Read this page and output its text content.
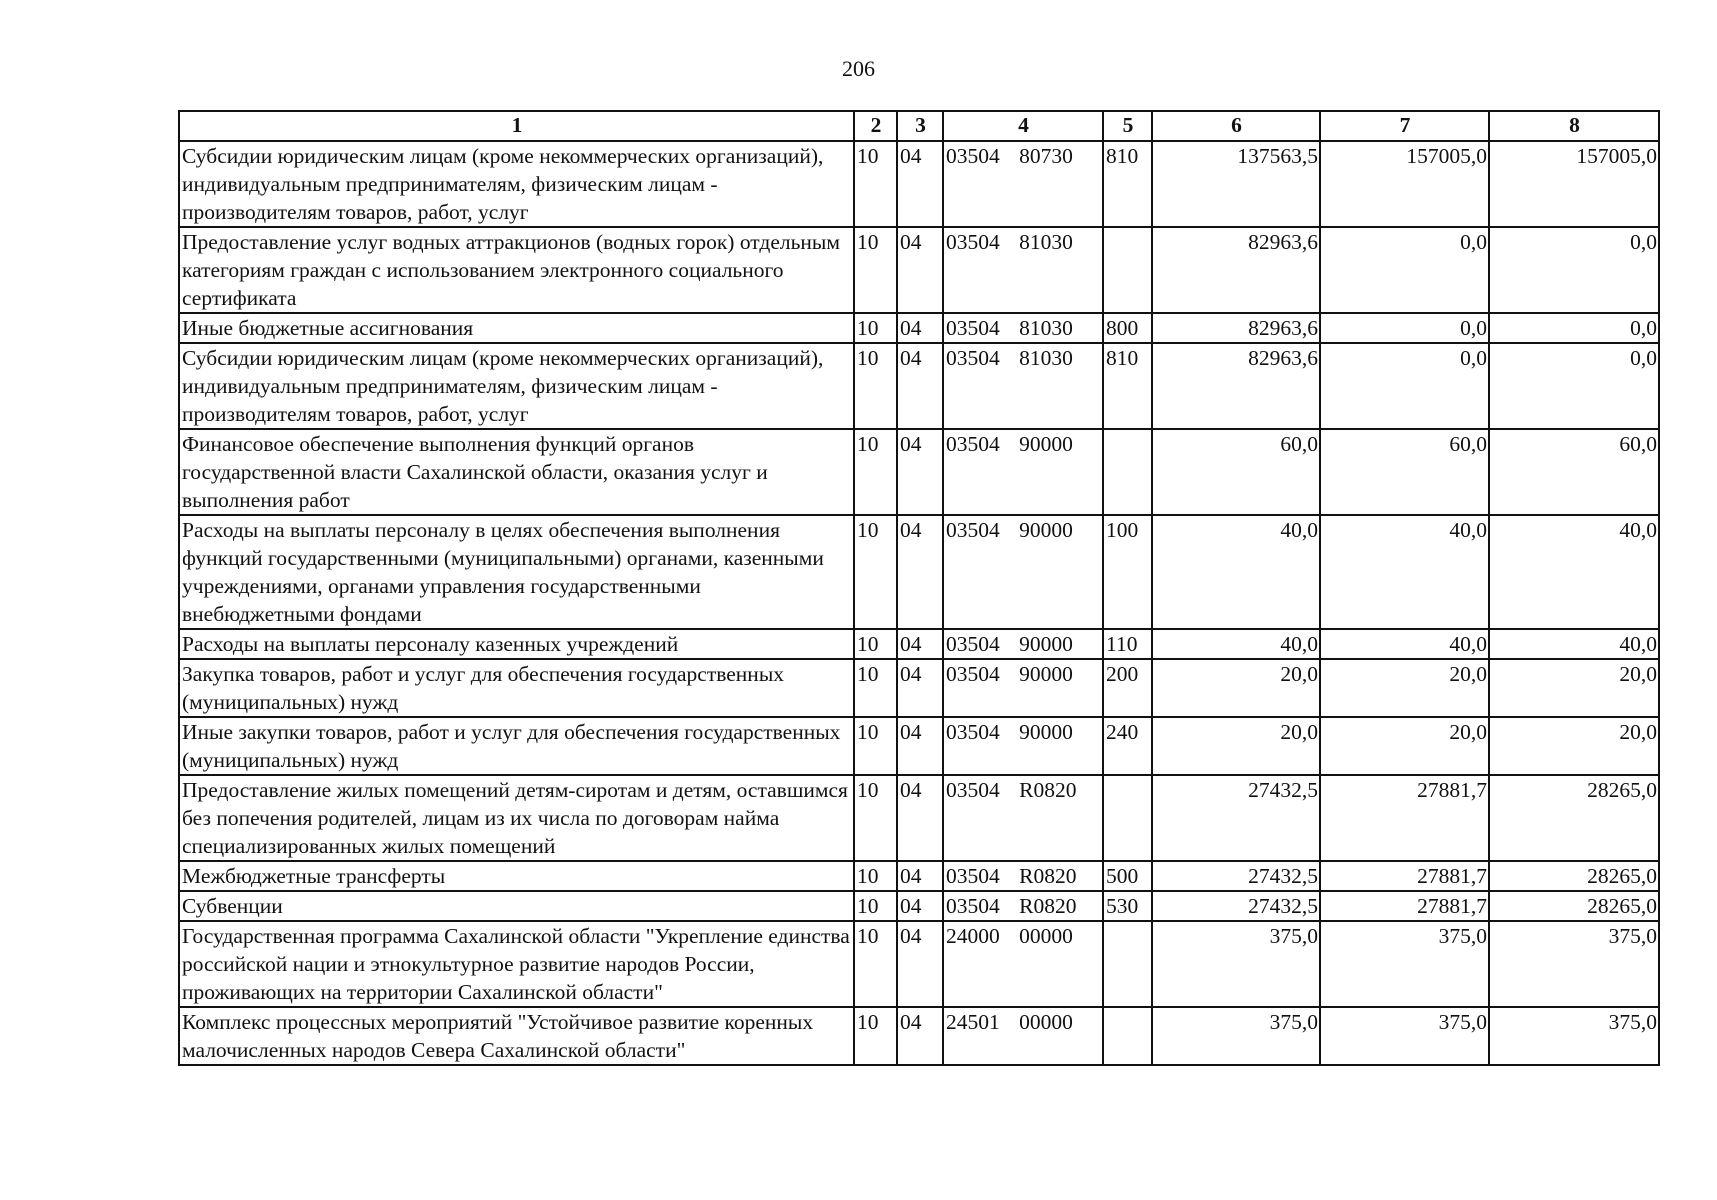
206
1	2	3	4	5	6	7	8
Субсидии юридическим лицам (кроме некоммерческих организаций), индивидуальным предпринимателям, физическим лицам - производителям товаров, работ, услуг	10	04	03504 80730	810	137563,5	157005,0	157005,0
Предоставление услуг водных аттракционов (водных горок) отдельным категориям граждан с использованием электронного социального сертификата	10	04	03504 81030		82963,6	0,0	0,0
Иные бюджетные ассигнования	10	04	03504 81030	800	82963,6	0,0	0,0
Субсидии юридическим лицам (кроме некоммерческих организаций), индивидуальным предпринимателям, физическим лицам - производителям товаров, работ, услуг	10	04	03504 81030	810	82963,6	0,0	0,0
Финансовое обеспечение выполнения функций органов государственной власти Сахалинской области, оказания услуг и выполнения работ	10	04	03504 90000		60,0	60,0	60,0
Расходы на выплаты персоналу в целях обеспечения выполнения функций государственными (муниципальными) органами, казенными учреждениями, органами управления государственными внебюджетными фондами	10	04	03504 90000	100	40,0	40,0	40,0
Расходы на выплаты персоналу казенных учреждений	10	04	03504 90000	110	40,0	40,0	40,0
Закупка товаров, работ и услуг для обеспечения государственных (муниципальных) нужд	10	04	03504 90000	200	20,0	20,0	20,0
Иные закупки товаров, работ и услуг для обеспечения государственных (муниципальных) нужд	10	04	03504 90000	240	20,0	20,0	20,0
Предоставление жилых помещений детям-сиротам и детям, оставшимся без попечения родителей, лицам из их числа по договорам найма специализированных жилых помещений	10	04	03504 R0820		27432,5	27881,7	28265,0
Межбюджетные трансферты	10	04	03504 R0820	500	27432,5	27881,7	28265,0
Субвенции	10	04	03504 R0820	530	27432,5	27881,7	28265,0
Государственная программа Сахалинской области "Укрепление единства российской нации и этнокультурное развитие народов России, проживающих на территории Сахалинской области"	10	04	24000 00000		375,0	375,0	375,0
Комплекс процессных мероприятий "Устойчивое развитие коренных малочисленных народов Севера Сахалинской области"	10	04	24501 00000		375,0	375,0	375,0
